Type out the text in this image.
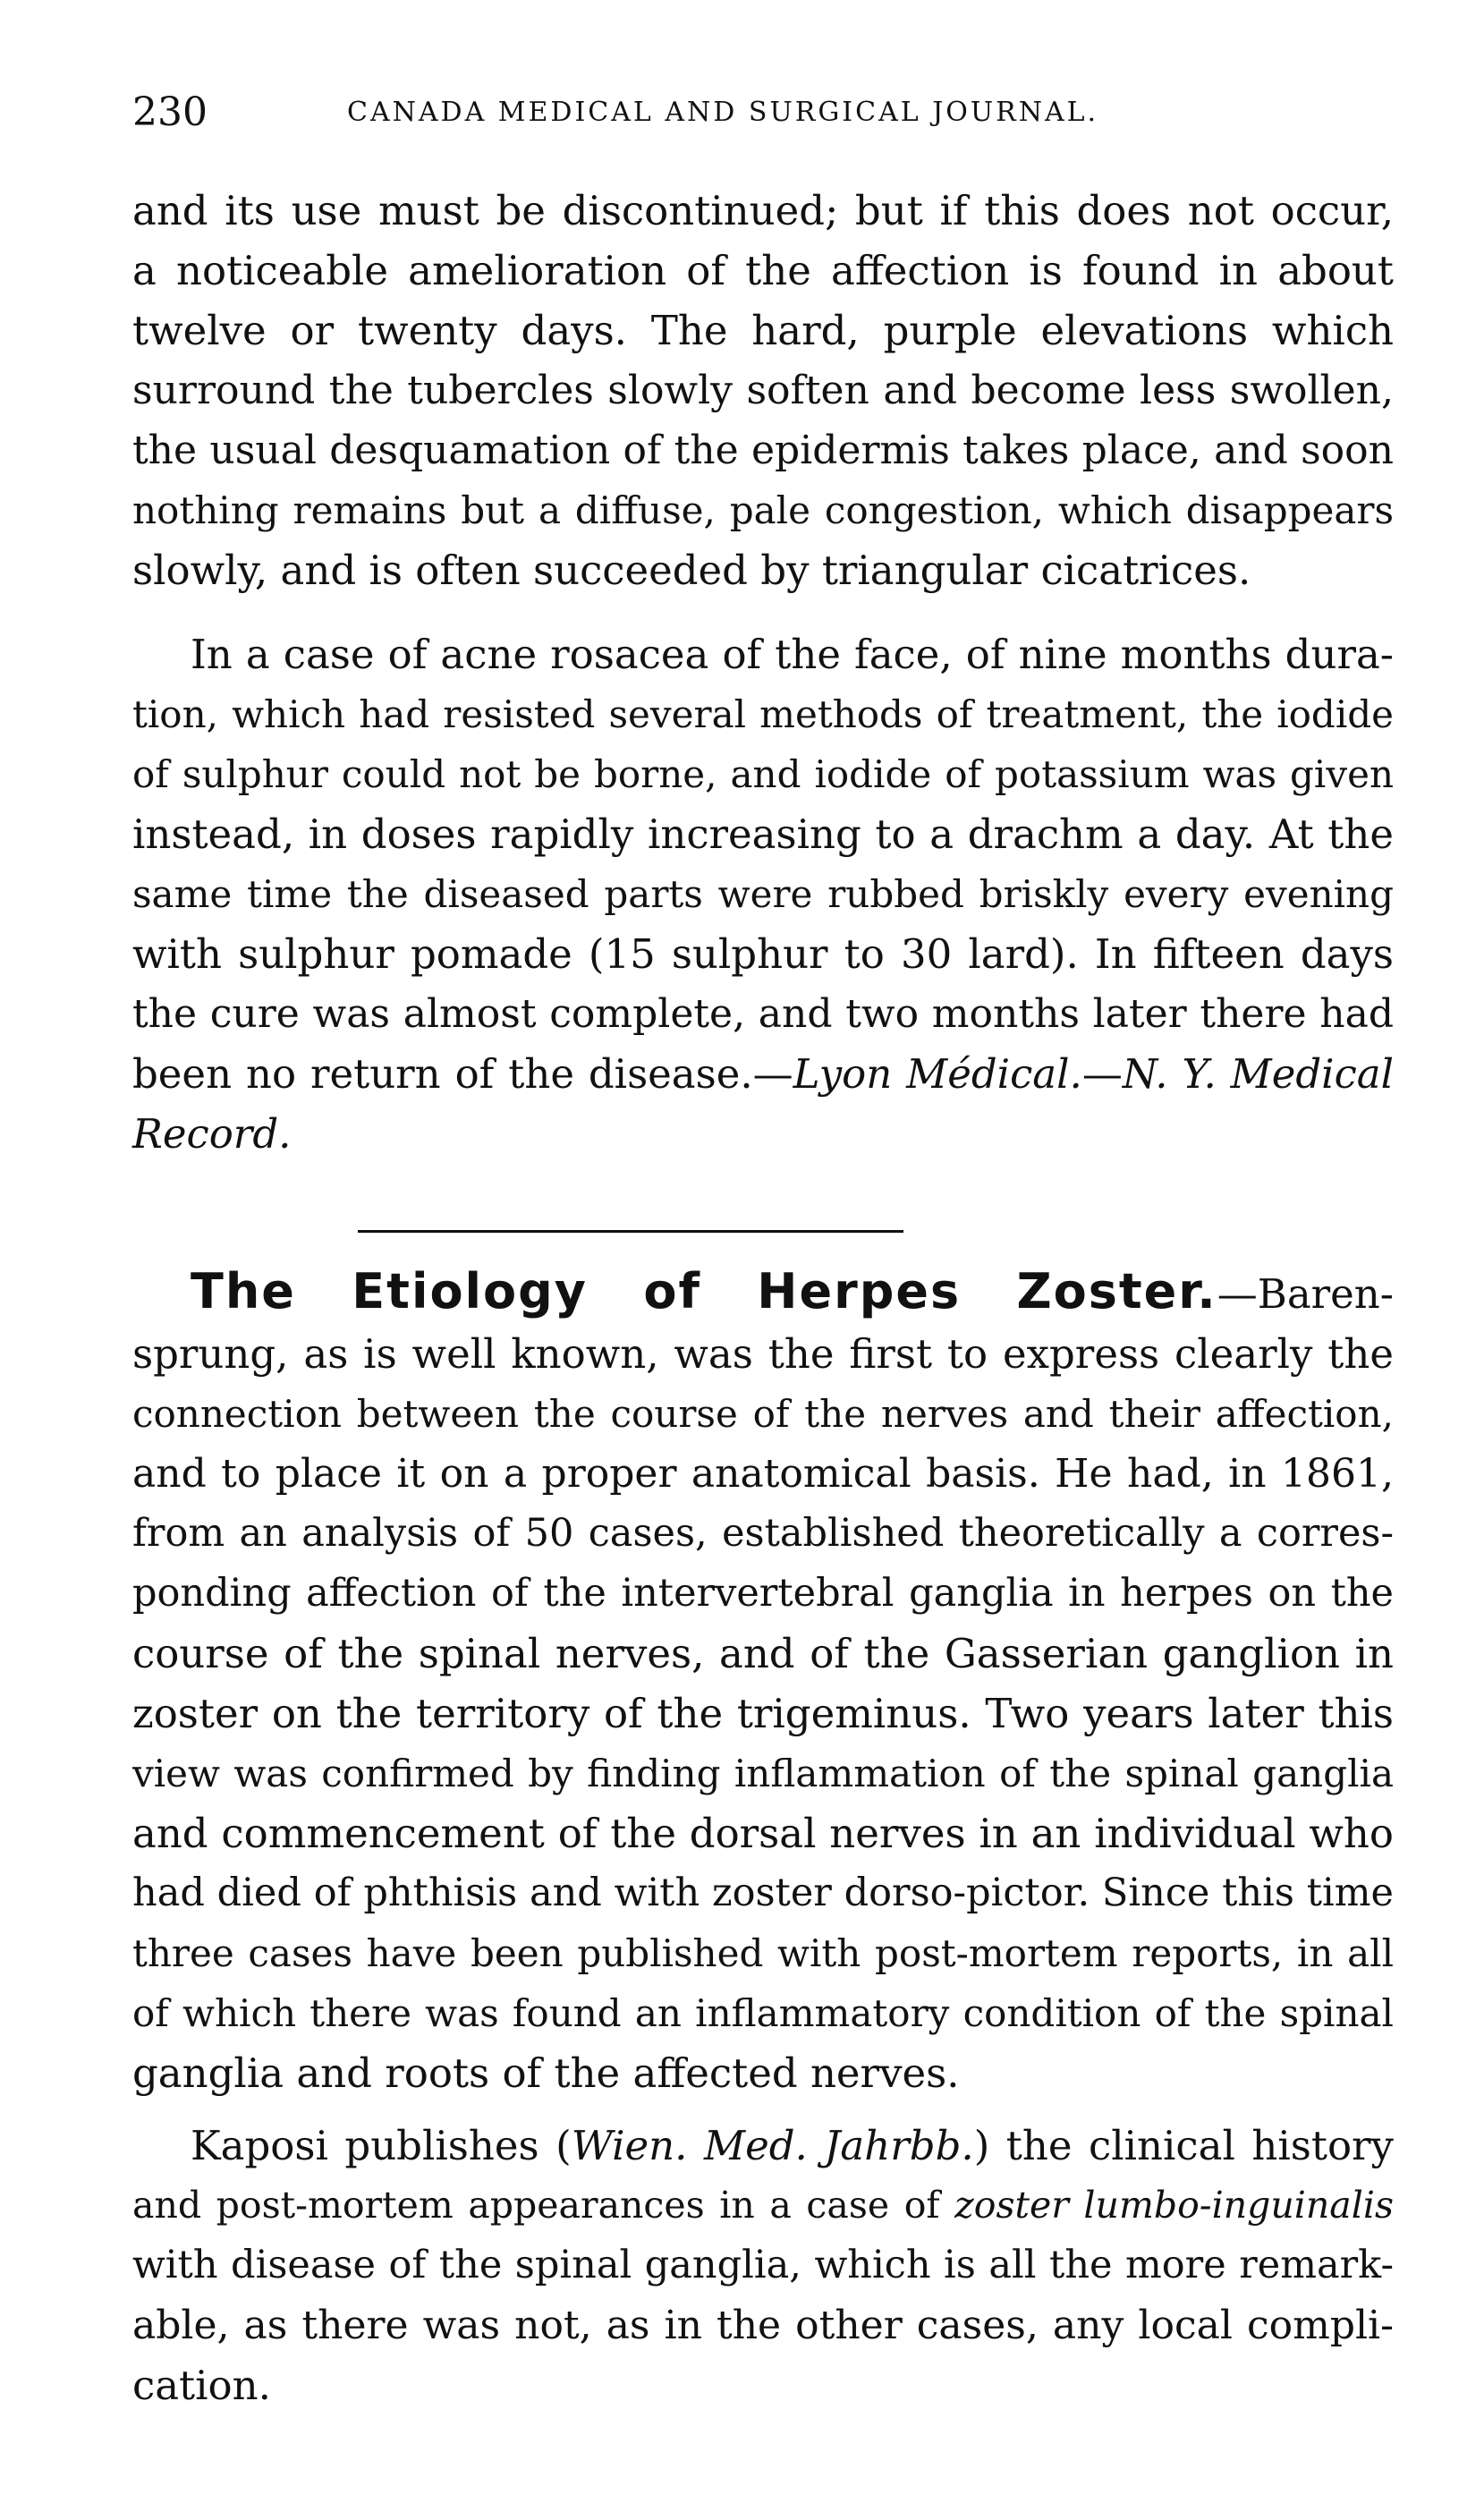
230	CANADA MEDICAL AND SURGICAL JOURNAL.

and its use must be discontinued; but if this does not occur,
a noticeable amelioration of the affection is found in about
twelve or twenty days. The hard, purple elevations which
surround the tubercles slowly soften and become less swollen,
the usual desquamation of the epidermis takes place, and soon
nothing remains but a diffuse, pale congestion, which disappears
slowly, and is often succeeded by triangular cicatrices.

In a case of acne rosacea of the face, of nine months dura-
tion, which had resisted several methods of treatment, the iodide
of sulphur could not be borne, and iodide of potassium was given
instead, in doses rapidly increasing to a drachm a day. At the
same time the diseased parts were rubbed briskly every evening
with sulphur pomade (15 sulphur to 30 lard). In fifteen days
the cure was almost complete, and two months later there had
been no return of the disease.—Lyon Médical.—N. Y. Medical
Record.

The Etiology of Herpes Zoster.—Baren-
sprung, as is well known, was the first to express clearly the
connection between the course of the nerves and their affection,
and to place it on a proper anatomical basis. He had, in 1861,
from an analysis of 50 cases, established theoretically a corres-
ponding affection of the intervertebral ganglia in herpes on the
course of the spinal nerves, and of the Gasserian ganglion in
zoster on the territory of the trigeminus. Two years later this
view was confirmed by finding inflammation of the spinal ganglia
and commencement of the dorsal nerves in an individual who
had died of phthisis and with zoster dorso-pictor. Since this time
three cases have been published with post-mortem reports, in all
of which there was found an inflammatory condition of the spinal
ganglia and roots of the affected nerves.

Kaposi publishes (Wien. Med. Jahrbb.) the clinical history
and post-mortem appearances in a case of zoster lumbo-inguinalis
with disease of the spinal ganglia, which is all the more remark-
able, as there was not, as in the other cases, any local compli-
cation.
